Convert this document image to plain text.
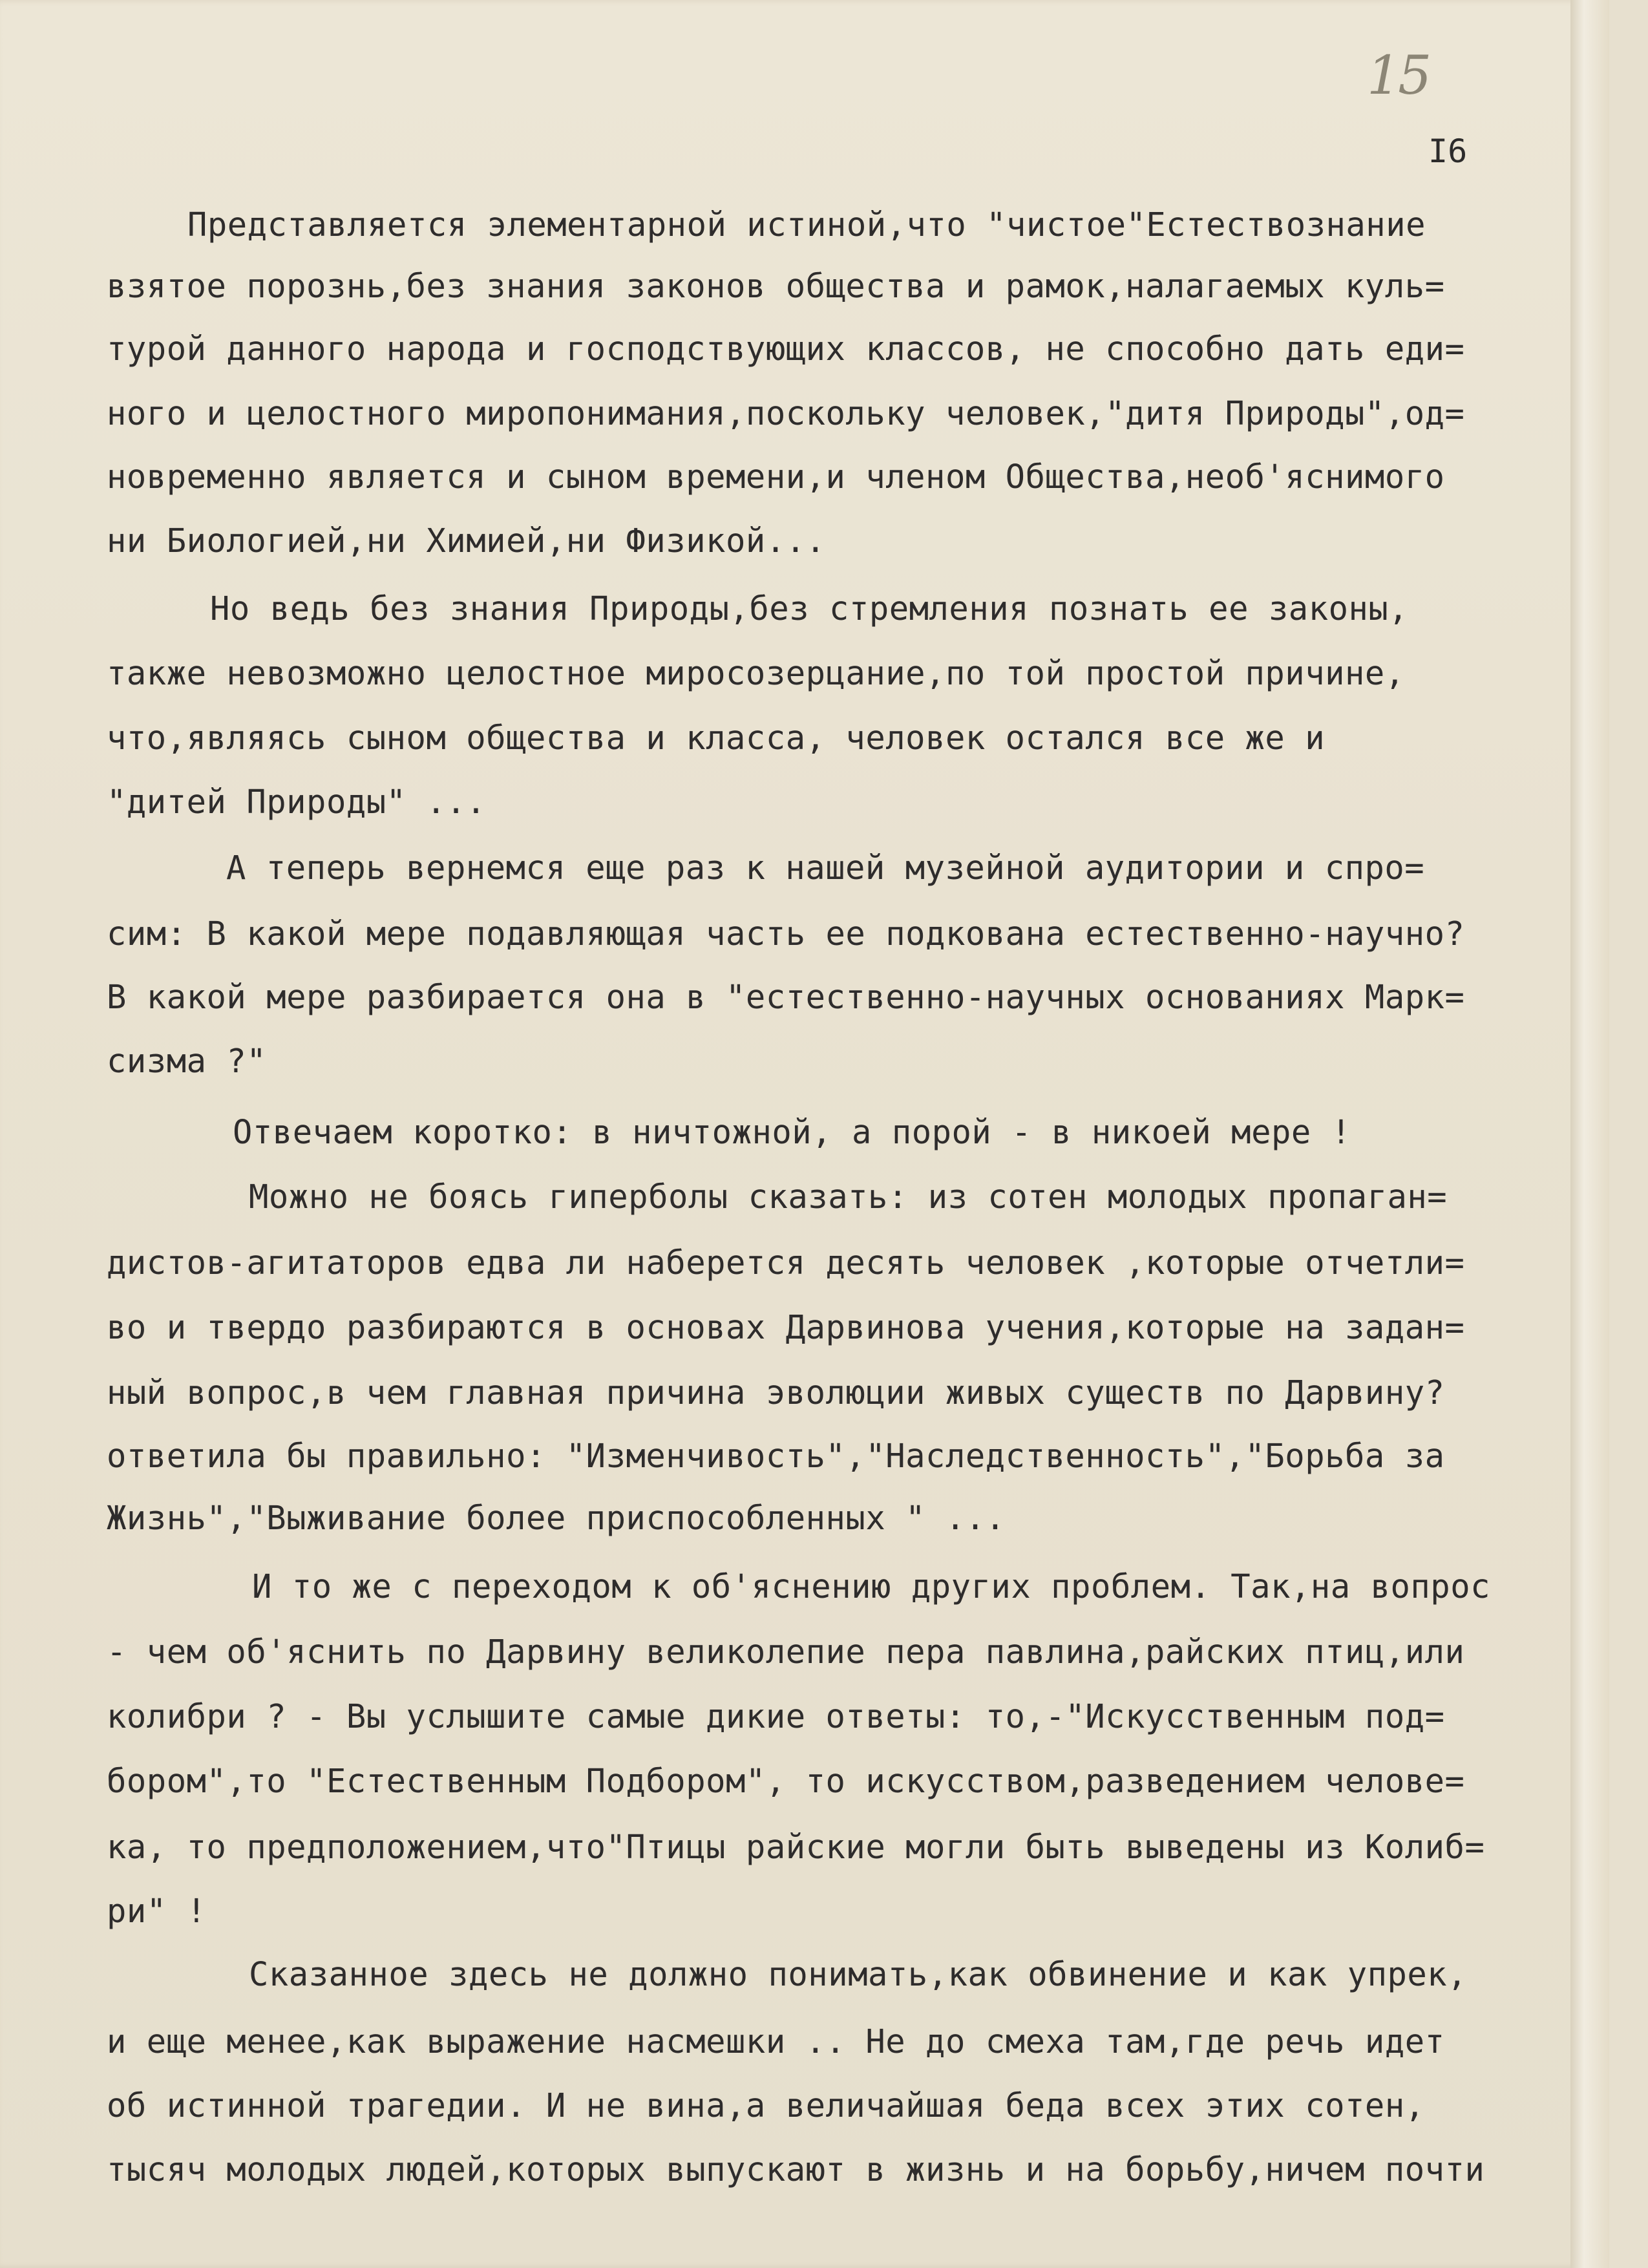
15
I6
Представляется элементарной истиной,что "чистое"Естествознание
взятое порознь,без знания законов общества и рамок,налагаемых куль=
турой данного народа и господствующих классов, не способно дать еди=
ного и целостного миропонимания,поскольку человек,"дитя Природы",од=
новременно является и сыном времени,и членом Общества,необ'яснимого
ни Биологией,ни Химией,ни Физикой...
Но ведь без знания Природы,без стремления познать ее законы,
также невозможно целостное миросозерцание,по той простой причине,
что,являясь сыном общества и класса, человек остался все же и
"дитей Природы" ...
А теперь вернемся еще раз к нашей музейной аудитории и спро=
сим: В какой мере подавляющая часть ее подкована естественно-научно?
В какой мере разбирается она в "естественно-научных основаниях Марк=
сизма ?"
Отвечаем коротко: в ничтожной, а порой - в никоей мере !
Можно не боясь гиперболы сказать: из сотен молодых пропаган=
дистов-агитаторов едва ли наберется десять человек ,которые отчетли=
во и твердо разбираются в основах Дарвинова учения,которые на задан=
ный вопрос,в чем главная причина эволюции живых существ по Дарвину?
ответила бы правильно: "Изменчивость","Наследственность","Борьба за
Жизнь","Выживание более приспособленных " ...
И то же с переходом к об'яснению других проблем. Так,на вопрос
- чем об'яснить по Дарвину великолепие пера павлина,райских птиц,или
колибри ? - Вы услышите самые дикие ответы: то,-"Искусственным под=
бором",то "Естественным Подбором", то искусством,разведением челове=
ка, то предположением,что"Птицы райские могли быть выведены из Колиб=
ри" !
Сказанное здесь не должно понимать,как обвинение и как упрек,
и еще менее,как выражение насмешки .. Не до смеха там,где речь идет
об истинной трагедии. И не вина,а величайшая беда всех этих сотен,
тысяч молодых людей,которых выпускают в жизнь и на борьбу,ничем почти
